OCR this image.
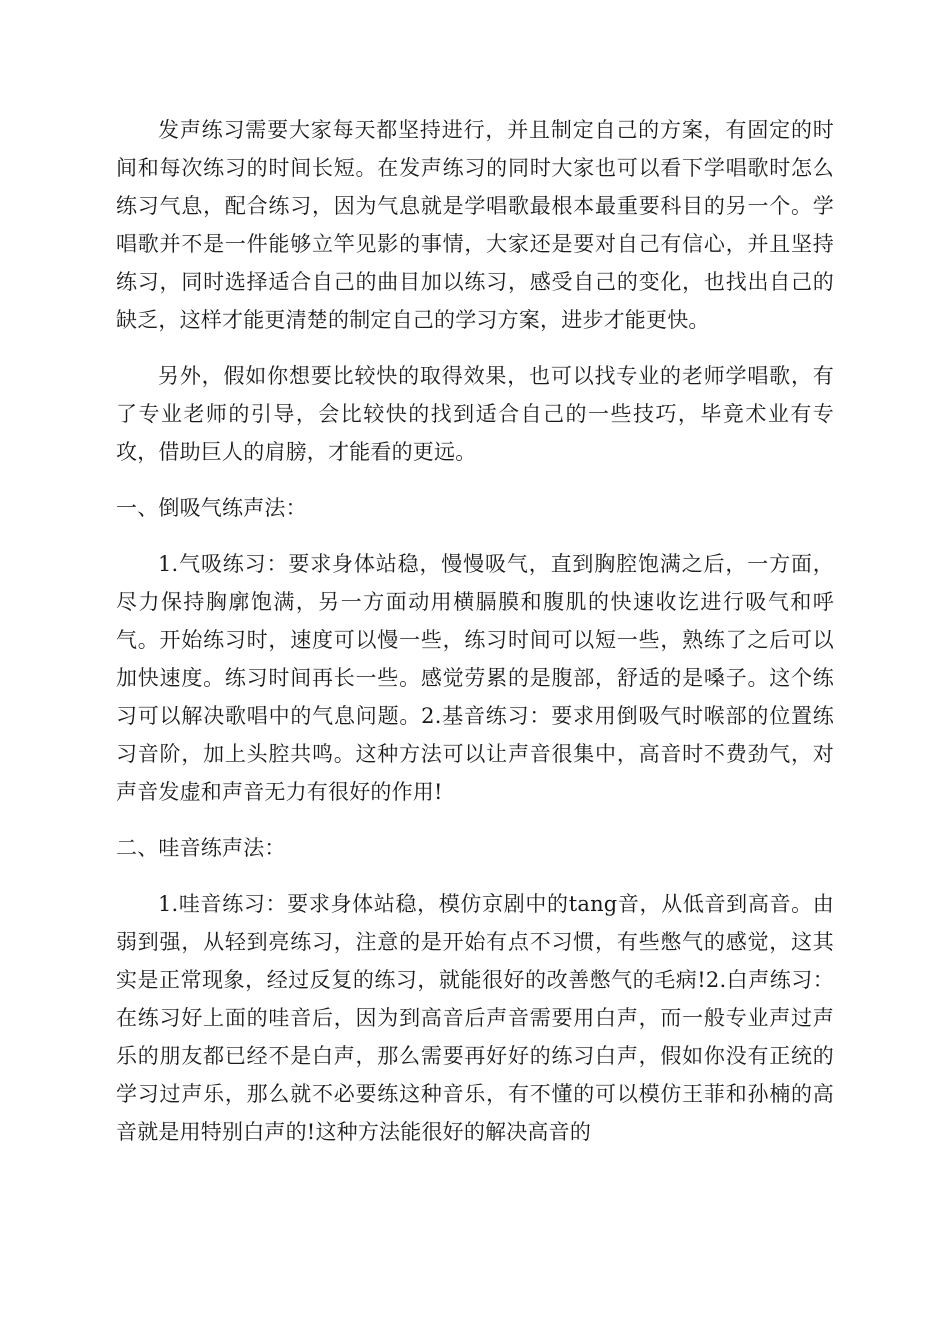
发声练习需要大家每天都坚持进行，并且制定自己的方案，有固定的时间和每次练习的时间长短。在发声练习的同时大家也可以看下学唱歌时怎么练习气息，配合练习，因为气息就是学唱歌最根本最重要科目的另一个。学唱歌并不是一件能够立竿见影的事情，大家还是要对自己有信心，并且坚持练习，同时选择适合自己的曲目加以练习，感受自己的变化，也找出自己的缺乏，这样才能更清楚的制定自己的学习方案，进步才能更快。

另外，假如你想要比较快的取得效果，也可以找专业的老师学唱歌，有了专业老师的引导，会比较快的找到适合自己的一些技巧，毕竟术业有专攻，借助巨人的肩膀，才能看的更远。

一、倒吸气练声法：

1.气吸练习：要求身体站稳，慢慢吸气，直到胸腔饱满之后，一方面，尽力保持胸廓饱满，另一方面动用横膈膜和腹肌的快速收讫进行吸气和呼气。开始练习时，速度可以慢一些，练习时间可以短一些，熟练了之后可以加快速度。练习时间再长一些。感觉劳累的是腹部，舒适的是嗓子。这个练习可以解决歌唱中的气息问题。2.基音练习：要求用倒吸气时喉部的位置练习音阶，加上头腔共鸣。这种方法可以让声音很集中，高音时不费劲气，对声音发虚和声音无力有很好的作用!

二、哇音练声法：

1.哇音练习：要求身体站稳，模仿京剧中的tang音，从低音到高音。由弱到强，从轻到亮练习，注意的是开始有点不习惯，有些憋气的感觉，这其实是正常现象，经过反复的练习，就能很好的改善憋气的毛病!2.白声练习：在练习好上面的哇音后，因为到高音后声音需要用白声，而一般专业声过声乐的朋友都已经不是白声，那么需要再好好的练习白声，假如你没有正统的学习过声乐，那么就不必要练这种音乐，有不懂的可以模仿王菲和孙楠的高音就是用特别白声的!这种方法能很好的解决高音的
